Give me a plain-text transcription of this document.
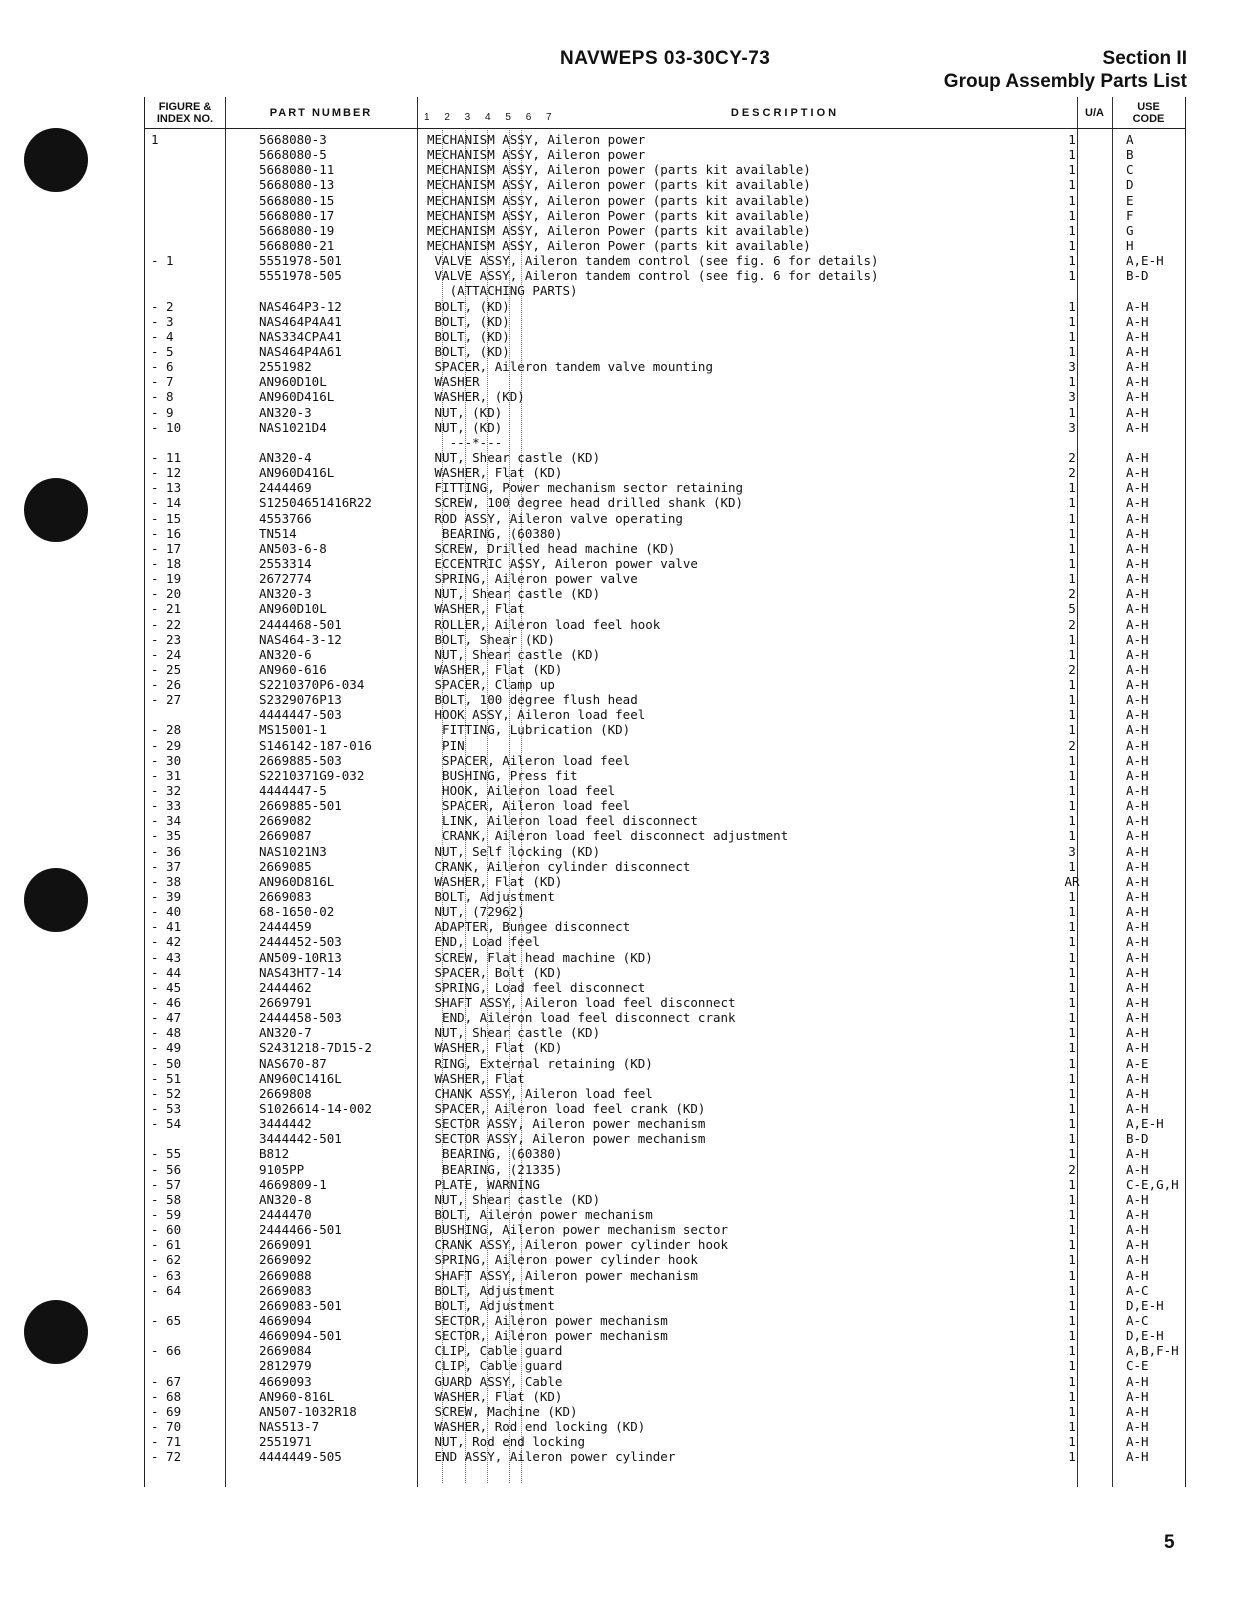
NAVWEPS 03-30CY-73	Section II
Group Assembly Parts List
FIGURE &
INDEX NO.	PART NUMBER	1 2 3 4 5 6 7	DESCRIPTION	U/A	USE
CODE
1	5668080-3	MECHANISM ASSY, Aileron power	1	A
5668080-5	MECHANISM ASSY, Aileron power	1	B
5668080-11	MECHANISM ASSY, Aileron power (parts kit available)	1	C
5668080-13	MECHANISM ASSY, Aileron power (parts kit available)	1	D
5668080-15	MECHANISM ASSY, Aileron power (parts kit available)	1	E
5668080-17	MECHANISM ASSY, Aileron Power (parts kit available)	1	F
5668080-19	MECHANISM ASSY, Aileron Power (parts kit available)	1	G
5668080-21	MECHANISM ASSY, Aileron Power (parts kit available)	1	H
- 1	5551978-501	VALVE ASSY, Aileron tandem control (see fig. 6 for details)	1	A,E-H
5551978-505	VALVE ASSY, Aileron tandem control (see fig. 6 for details)	1	B-D
(ATTACHING PARTS)
- 2	NAS464P3-12	BOLT, (KD)	1	A-H
- 3	NAS464P4A41	BOLT, (KD)	1	A-H
- 4	NAS334CPA41	BOLT, (KD)	1	A-H
- 5	NAS464P4A61	BOLT, (KD)	1	A-H
- 6	2551982	SPACER, Aileron tandem valve mounting	3	A-H
- 7	AN960D10L	WASHER	1	A-H
- 8	AN960D416L	WASHER, (KD)	3	A-H
- 9	AN320-3	NUT, (KD)	1	A-H
- 10	NAS1021D4	NUT, (KD)	3	A-H
---*---
- 11	AN320-4	NUT, Shear castle (KD)	2	A-H
- 12	AN960D416L	WASHER, Flat (KD)	2	A-H
- 13	2444469	FITTING, Power mechanism sector retaining	1	A-H
- 14	S12504651416R22	SCREW, 100 degree head drilled shank (KD)	1	A-H
- 15	4553766	ROD ASSY, Aileron valve operating	1	A-H
- 16	TN514	BEARING, (60380)	1	A-H
- 17	AN503-6-8	SCREW, Drilled head machine (KD)	1	A-H
- 18	2553314	ECCENTRIC ASSY, Aileron power valve	1	A-H
- 19	2672774	SPRING, Aileron power valve	1	A-H
- 20	AN320-3	NUT, Shear castle (KD)	2	A-H
- 21	AN960D10L	WASHER, Flat	5	A-H
- 22	2444468-501	ROLLER, Aileron load feel hook	2	A-H
- 23	NAS464-3-12	BOLT, Shear (KD)	1	A-H
- 24	AN320-6	NUT, Shear castle (KD)	1	A-H
- 25	AN960-616	WASHER, Flat (KD)	2	A-H
- 26	S2210370P6-034	SPACER, Clamp up	1	A-H
- 27	S2329076P13	BOLT, 100 degree flush head	1	A-H
4444447-503	HOOK ASSY, Aileron load feel	1	A-H
- 28	MS15001-1	FITTING, Lubrication (KD)	1	A-H
- 29	S146142-187-016	PIN	2	A-H
- 30	2669885-503	SPACER, Aileron load feel	1	A-H
- 31	S2210371G9-032	BUSHING, Press fit	1	A-H
- 32	4444447-5	HOOK, Aileron load feel	1	A-H
- 33	2669885-501	SPACER, Aileron load feel	1	A-H
- 34	2669082	LINK, Aileron load feel disconnect	1	A-H
- 35	2669087	CRANK, Aileron load feel disconnect adjustment	1	A-H
- 36	NAS1021N3	NUT, Self locking (KD)	3	A-H
- 37	2669085	CRANK, Aileron cylinder disconnect	1	A-H
- 38	AN960D816L	WASHER, Flat (KD)	AR	A-H
- 39	2669083	BOLT, Adjustment	1	A-H
- 40	68-1650-02	NUT, (72962)	1	A-H
- 41	2444459	ADAPTER, Bungee disconnect	1	A-H
- 42	2444452-503	END, Load feel	1	A-H
- 43	AN509-10R13	SCREW, Flat head machine (KD)	1	A-H
- 44	NAS43HT7-14	SPACER, Bolt (KD)	1	A-H
- 45	2444462	SPRING, Load feel disconnect	1	A-H
- 46	2669791	SHAFT ASSY, Aileron load feel disconnect	1	A-H
- 47	2444458-503	END, Aileron load feel disconnect crank	1	A-H
- 48	AN320-7	NUT, Shear castle (KD)	1	A-H
- 49	S2431218-7D15-2	WASHER, Flat (KD)	1	A-H
- 50	NAS670-87	RING, External retaining (KD)	1	A-E
- 51	AN960C1416L	WASHER, Flat	1	A-H
- 52	2669808	CHANK ASSY, Aileron load feel	1	A-H
- 53	S1026614-14-002	SPACER, Aileron load feel crank (KD)	1	A-H
- 54	3444442	SECTOR ASSY, Aileron power mechanism	1	A,E-H
3444442-501	SECTOR ASSY, Aileron power mechanism	1	B-D
- 55	B812	BEARING, (60380)	1	A-H
- 56	9105PP	BEARING, (21335)	2	A-H
- 57	4669809-1	PLATE, WARNING	1	C-E,G,H
- 58	AN320-8	NUT, Shear castle (KD)	1	A-H
- 59	2444470	BOLT, Aileron power mechanism	1	A-H
- 60	2444466-501	BUSHING, Aileron power mechanism sector	1	A-H
- 61	2669091	CRANK ASSY, Aileron power cylinder hook	1	A-H
- 62	2669092	SPRING, Aileron power cylinder hook	1	A-H
- 63	2669088	SHAFT ASSY, Aileron power mechanism	1	A-H
- 64	2669083	BOLT, Adjustment	1	A-C
2669083-501	BOLT, Adjustment	1	D,E-H
- 65	4669094	SECTOR, Aileron power mechanism	1	A-C
4669094-501	SECTOR, Aileron power mechanism	1	D,E-H
- 66	2669084	CLIP, Cable guard	1	A,B,F-H
2812979	CLIP, Cable guard	1	C-E
- 67	4669093	GUARD ASSY, Cable	1	A-H
- 68	AN960-816L	WASHER, Flat (KD)	1	A-H
- 69	AN507-1032R18	SCREW, Machine (KD)	1	A-H
- 70	NAS513-7	WASHER, Rod end locking (KD)	1	A-H
- 71	2551971	NUT, Rod end locking	1	A-H
- 72	4444449-505	END ASSY, Aileron power cylinder	1	A-H
5
